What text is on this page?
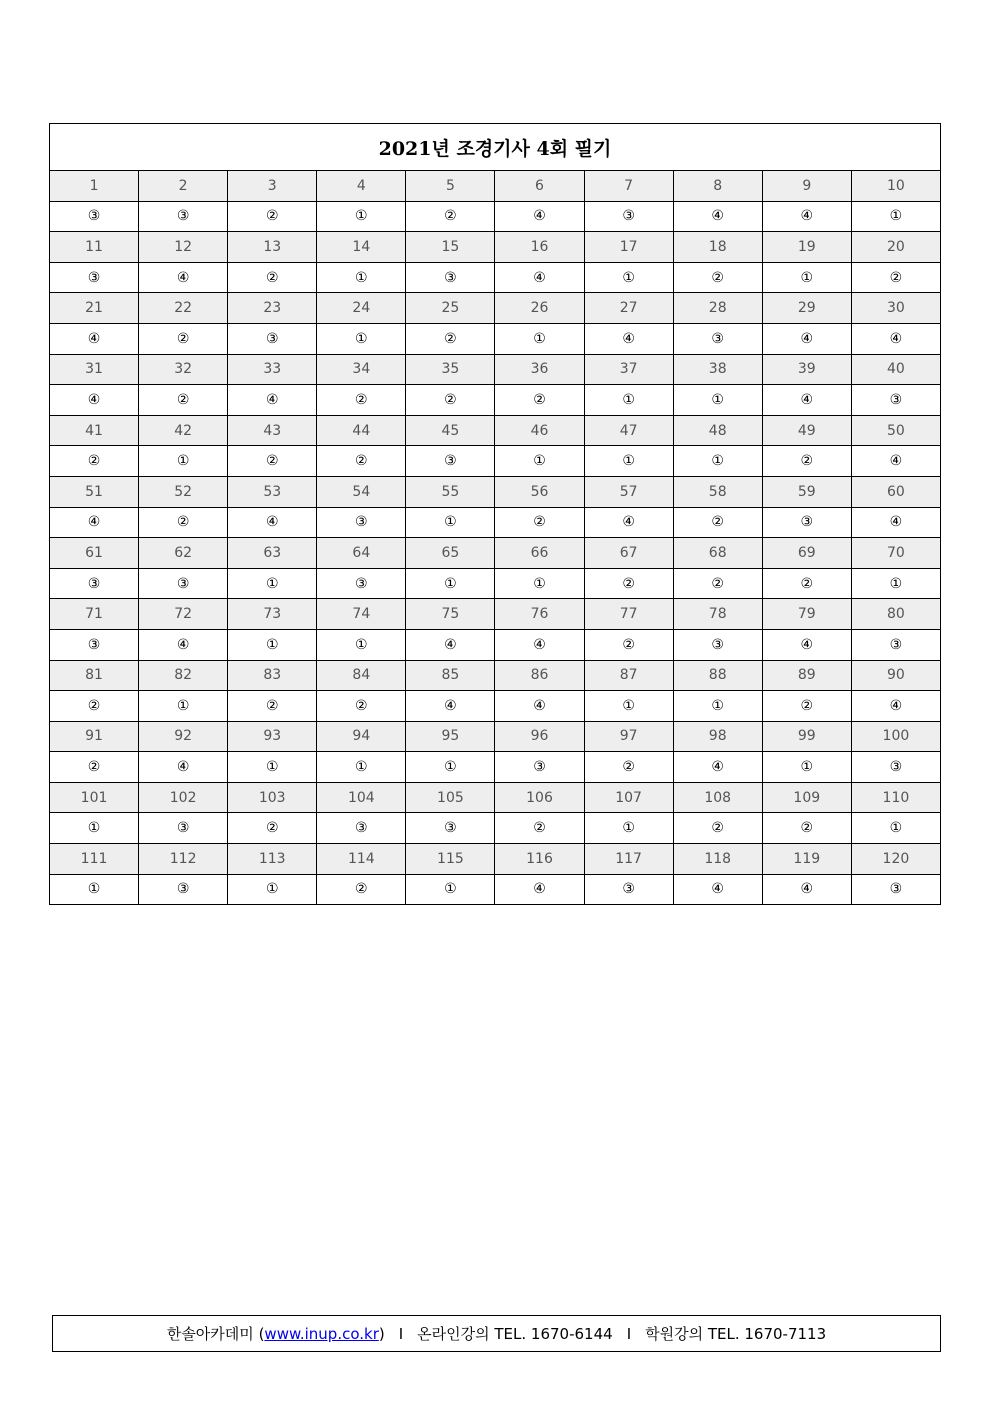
2021년 조경기사 4회 필기									
1	2	3	4	5	6	7	8	9	10
③	③	②	①	②	④	③	④	④	①
11	12	13	14	15	16	17	18	19	20
③	④	②	①	③	④	①	②	①	②
21	22	23	24	25	26	27	28	29	30
④	②	③	①	②	①	④	③	④	④
31	32	33	34	35	36	37	38	39	40
④	②	④	②	②	②	①	①	④	③
41	42	43	44	45	46	47	48	49	50
②	①	②	②	③	①	①	①	②	④
51	52	53	54	55	56	57	58	59	60
④	②	④	③	①	②	④	②	③	④
61	62	63	64	65	66	67	68	69	70
③	③	①	③	①	①	②	②	②	①
71	72	73	74	75	76	77	78	79	80
③	④	①	①	④	④	②	③	④	③
81	82	83	84	85	86	87	88	89	90
②	①	②	②	④	④	①	①	②	④
91	92	93	94	95	96	97	98	99	100
②	④	①	①	①	③	②	④	①	③
101	102	103	104	105	106	107	108	109	110
①	③	②	③	③	②	①	②	②	①
111	112	113	114	115	116	117	118	119	120
①	③	①	②	①	④	③	④	④	③
한솔아카데미
( www.inup.co.kr ) I 온라인강의 TEL. 1670-6144 I 학원강의 TEL. 1670-7113
